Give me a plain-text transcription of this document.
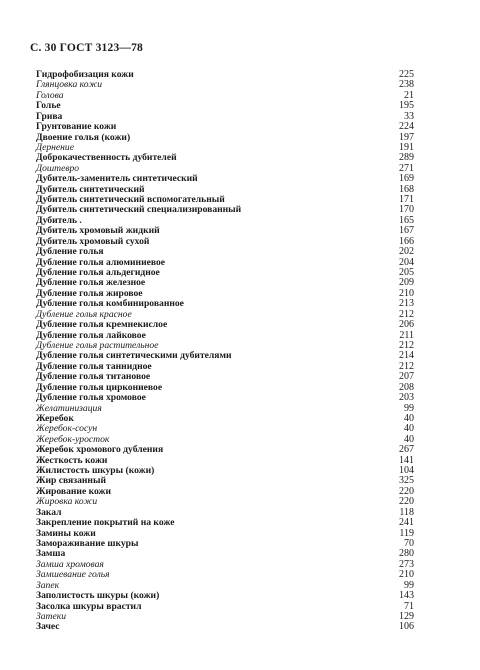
С. 30 ГОСТ 3123—78
Гидрофобизация кожи	225
Глянцовка кожи	238
Голова	21
Голье	195
Грива	33
Грунтование кожи	224
Двоение голья (кожи)	197
Дернение	191
Доброкачественность дубителей	289
Доштевро	271
Дубитель-заменитель синтетический	169
Дубитель синтетический	168
Дубитель синтетический вспомогательный	171
Дубитель синтетический специализированный	170
Дубитель .	165
Дубитель хромовый жидкий	167
Дубитель хромовый сухой	166
Дубление голья	202
Дубление голья алюминиевое	204
Дубление голья альдегидное	205
Дубление голья железное	209
Дубление голья жировое	210
Дубление голья комбинированное	213
Дубление голья красное	212
Дубление голья кремнекислое	206
Дубление голья лайковое	211
Дубление голья растительное	212
Дубление голья синтетическими дубителями	214
Дубление голья таннидное	212
Дубление голья титановое	207
Дубление голья циркониевое	208
Дубление голья хромовое	203
Желатинизация	99
Жеребок	40
Жеребок-сосун	40
Жеребок-уросток	40
Жеребок хромового дубления	267
Жесткость кожи	141
Жилистость шкуры (кожи)	104
Жир связанный	325
Жирование кожи	220
Жировка кожи	220
Закал	118
Закрепление покрытий на коже	241
Замины кожи	119
Замораживание шкуры	70
Замша	280
Замша хромовая	273
Замшевание голья	210
Запек	99
Заполистость шкуры (кожи)	143
Засолка шкуры врастил	71
Затеки	129
Зачес	106
